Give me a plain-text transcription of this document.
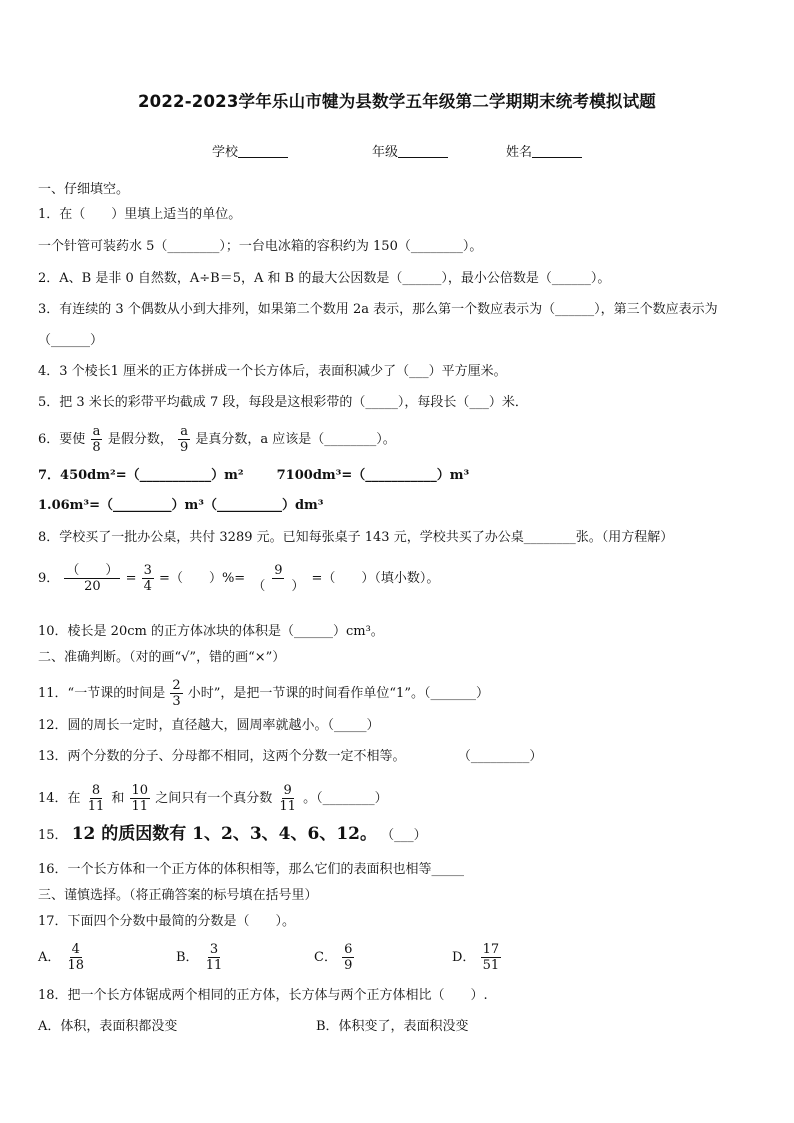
2022-2023学年乐山市犍为县数学五年级第二学期期末统考模拟试题
学校	年级	姓名
一、仔细填空。
1．在（　　）里填上适当的单位。
一个针管可装药水 5（________）；一台电冰箱的容积约为 150（________）。
2．A、B 是非 0 自然数，A÷B＝5，A 和 B 的最大公因数是（______），最小公倍数是（______）。
3．有连续的 3 个偶数从小到大排列，如果第二个数用 2a 表示，那么第一个数应表示为（______），第三个数应表示为
（______）
4．3 个棱长1 厘米的正方体拼成一个长方体后，表面积减少了（___）平方厘米。
5．把 3 米长的彩带平均截成 7 段，每段是这根彩带的（_____），每段长（___）米．
6．要使 $\frac{a}{8}$ 是假分数， $\frac{a}{9}$ 是真分数，a 应该是（________）。
7．450dm²=（___________）m²	7100dm³=（___________）m³
1.06m³=（_________）m³（__________）dm³
8．学校买了一批办公桌，共付 3289 元。已知每张桌子 143 元，学校共买了办公桌________张。（用方程解）
9． $\frac{( )}{20} = \frac{3}{4}$ =（　　）%= $\frac{9}{( )}$ =（　　）（填小数）。
10．棱长是 20cm 的正方体冰块的体积是（______）cm³。
二、准确判断。（对的画“√”，错的画“×”）
11．“一节课的时间是 $\frac{2}{3}$ 小时”，是把一节课的时间看作单位“1”。（_______）
12．圆的周长一定时，直径越大，圆周率就越小。（_____）
13．两个分数的分子、分母都不相同，这两个分数一定不相等。	（_________）
14．在 $\frac{8}{11}$ 和 $\frac{10}{11}$ 之间只有一个真分数 $\frac{9}{11}$ 。（________）
15． 12 的质因数有 1、2、3、4、6、12。 （___）
16．一个长方体和一个正方体的体积相等，那么它们的表面积也相等_____
三、谨慎选择。（将正确答案的标号填在括号里）
17．下面四个分数中最简的分数是（　　）。
A． $\frac{4}{18}$	B． $\frac{3}{11}$	C． $\frac{6}{9}$	D． $\frac{17}{51}$
18．把一个长方体锯成两个相同的正方体，长方体与两个正方体相比（　　）.
A．体积，表面积都没变	B．体积变了，表面积没变
